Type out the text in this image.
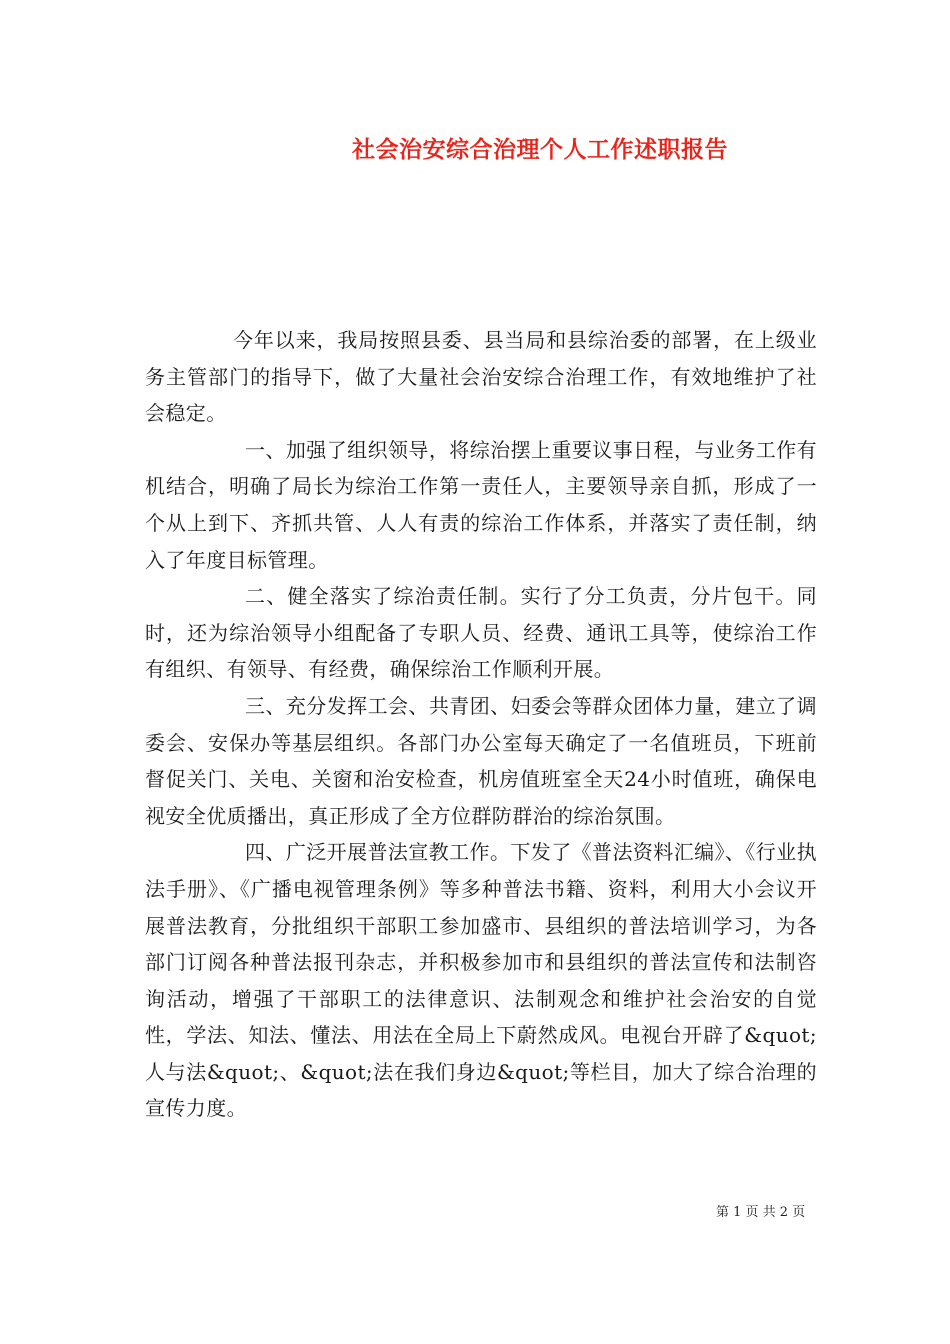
社会治安综合治理个人工作述职报告

今年以来，我局按照县委、县当局和县综治委的部署，在上级业务主管部门的指导下，做了大量社会治安综合治理工作，有效地维护了社会稳定。

一、加强了组织领导，将综治摆上重要议事日程，与业务工作有机结合，明确了局长为综治工作第一责任人，主要领导亲自抓，形成了一个从上到下、齐抓共管、人人有责的综治工作体系，并落实了责任制，纳入了年度目标管理。

二、健全落实了综治责任制。实行了分工负责，分片包干。同时，还为综治领导小组配备了专职人员、经费、通讯工具等，使综治工作有组织、有领导、有经费，确保综治工作顺利开展。

三、充分发挥工会、共青团、妇委会等群众团体力量，建立了调委会、安保办等基层组织。各部门办公室每天确定了一名值班员，下班前督促关门、关电、关窗和治安检查，机房值班室全天24小时值班，确保电视安全优质播出，真正形成了全方位群防群治的综治氛围。

四、广泛开展普法宣教工作。下发了《普法资料汇编》、《行业执法手册》、《广播电视管理条例》等多种普法书籍、资料，利用大小会议开展普法教育，分批组织干部职工参加盛市、县组织的普法培训学习，为各部门订阅各种普法报刊杂志，并积极参加市和县组织的普法宣传和法制咨询活动，增强了干部职工的法律意识、法制观念和维护社会治安的自觉性，学法、知法、懂法、用法在全局上下蔚然成风。电视台开辟了&quot;人与法&quot;、&quot;法在我们身边&quot;等栏目，加大了综合治理的宣传力度。

第 1 页 共 2 页
